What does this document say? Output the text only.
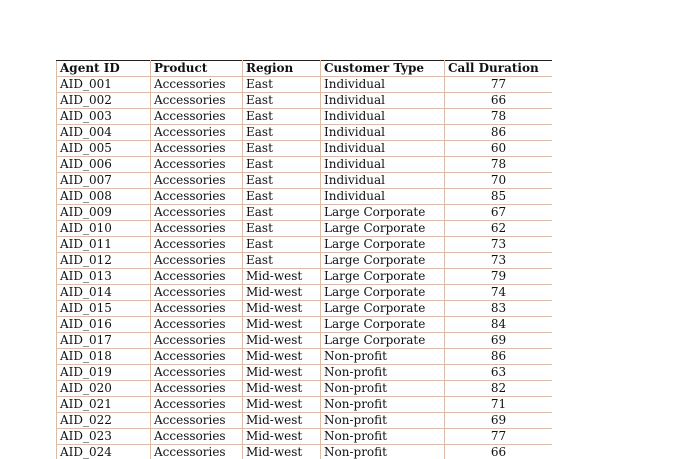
Agent ID	Product	Region	Customer Type	Call Duration
AID_001	Accessories	East	Individual	77
AID_002	Accessories	East	Individual	66
AID_003	Accessories	East	Individual	78
AID_004	Accessories	East	Individual	86
AID_005	Accessories	East	Individual	60
AID_006	Accessories	East	Individual	78
AID_007	Accessories	East	Individual	70
AID_008	Accessories	East	Individual	85
AID_009	Accessories	East	Large Corporate	67
AID_010	Accessories	East	Large Corporate	62
AID_011	Accessories	East	Large Corporate	73
AID_012	Accessories	East	Large Corporate	73
AID_013	Accessories	Mid-west	Large Corporate	79
AID_014	Accessories	Mid-west	Large Corporate	74
AID_015	Accessories	Mid-west	Large Corporate	83
AID_016	Accessories	Mid-west	Large Corporate	84
AID_017	Accessories	Mid-west	Large Corporate	69
AID_018	Accessories	Mid-west	Non-profit	86
AID_019	Accessories	Mid-west	Non-profit	63
AID_020	Accessories	Mid-west	Non-profit	82
AID_021	Accessories	Mid-west	Non-profit	71
AID_022	Accessories	Mid-west	Non-profit	69
AID_023	Accessories	Mid-west	Non-profit	77
AID_024	Accessories	Mid-west	Non-profit	66
